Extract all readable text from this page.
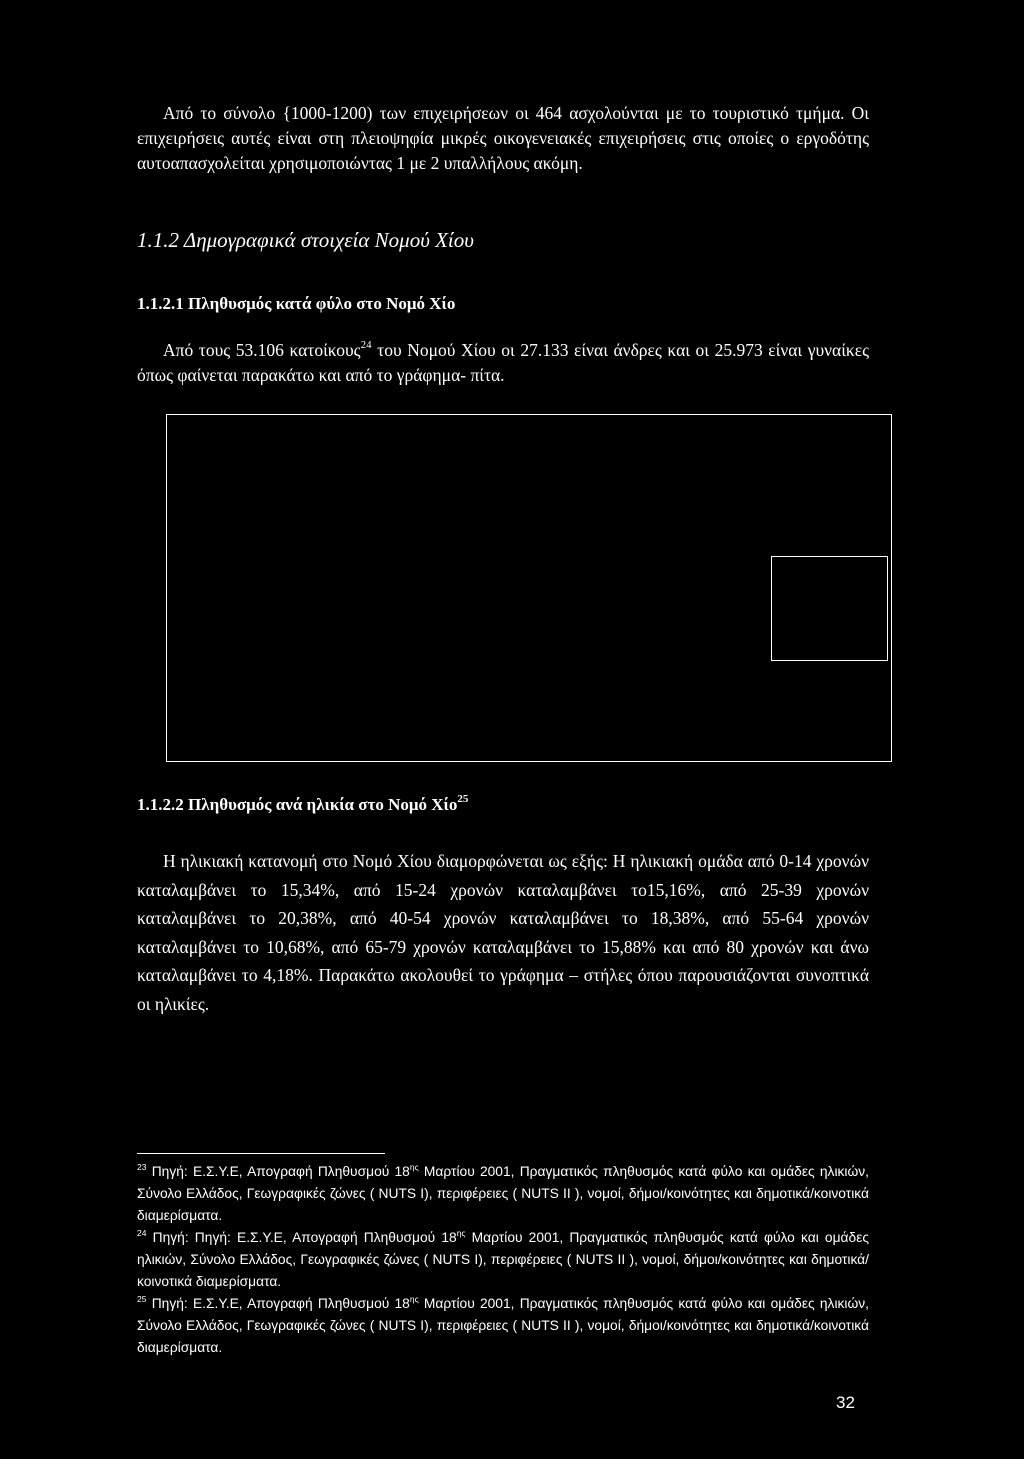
Από το σύνολο {1000-1200) των επιχειρήσεων οι 464 ασχολούνται με το τουριστικό τμήμα. Οι επιχειρήσεις αυτές είναι στη πλειοψηφία μικρές οικογενειακές επιχειρήσεις στις οποίες ο εργοδότης αυτοαπασχολείται χρησιμοποιώντας 1 με 2 υπαλλήλους ακόμη.
1.1.2 Δημογραφικά στοιχεία Νομού Χίου
1.1.2.1 Πληθυσμός κατά φύλο στο Νομό Χίο
Από τους 53.106 κατοίκους$^{24}$ του Νομού Χίου οι 27.133 είναι άνδρες και οι 25.973 είναι γυναίκες όπως φαίνεται παρακάτω και από το γράφημα- πίτα.
1.1.2.2 Πληθυσμός ανά ηλικία στο Νομό Χίο$^{25}$
Η ηλικιακή κατανομή στο Νομό Χίου διαμορφώνεται ως εξής: Η ηλικιακή ομάδα από 0-14 χρονών καταλαμβάνει το 15,34%, από 15-24 χρονών καταλαμβάνει το15,16%, από 25-39 χρονών καταλαμβάνει το 20,38%, από 40-54 χρονών καταλαμβάνει το 18,38%, από 55-64 χρονών καταλαμβάνει το 10,68%, από 65-79 χρονών καταλαμβάνει το 15,88% και από 80 χρονών και άνω καταλαμβάνει το 4,18%. Παρακάτω ακολουθεί το γράφημα – στήλες όπου παρουσιάζονται συνοπτικά οι ηλικίες.
$^{23}$ Πηγή: Ε.Σ.Υ.Ε, Απογραφή Πληθυσμού $18^{\eta\varsigma}$ Μαρτίου 2001, Πραγματικός πληθυσμός κατά φύλο και ομάδες ηλικιών, Σύνολο Ελλάδος, Γεωγραφικές ζώνες ( NUTS I), περιφέρειες ( NUTS II ), νομοί, δήμοι/κοινότητες και δημοτικά/κοινοτικά διαμερίσματα.
$^{24}$ Πηγή: Πηγή: Ε.Σ.Υ.Ε, Απογραφή Πληθυσμού $18^{\eta\varsigma}$ Μαρτίου 2001, Πραγματικός πληθυσμός κατά φύλο και ομάδες ηλικιών, Σύνολο Ελλάδος, Γεωγραφικές ζώνες ( NUTS I), περιφέρειες ( NUTS II ), νομοί, δήμοι/κοινότητες και δημοτικά/κοινοτικά διαμερίσματα.
$^{25}$ Πηγή: Ε.Σ.Υ.Ε, Απογραφή Πληθυσμού $18^{\eta\varsigma}$ Μαρτίου 2001, Πραγματικός πληθυσμός κατά φύλο και ομάδες ηλικιών, Σύνολο Ελλάδος, Γεωγραφικές ζώνες ( NUTS I), περιφέρειες ( NUTS II ), νομοί, δήμοι/κοινότητες και δημοτικά/κοινοτικά διαμερίσματα.
32
